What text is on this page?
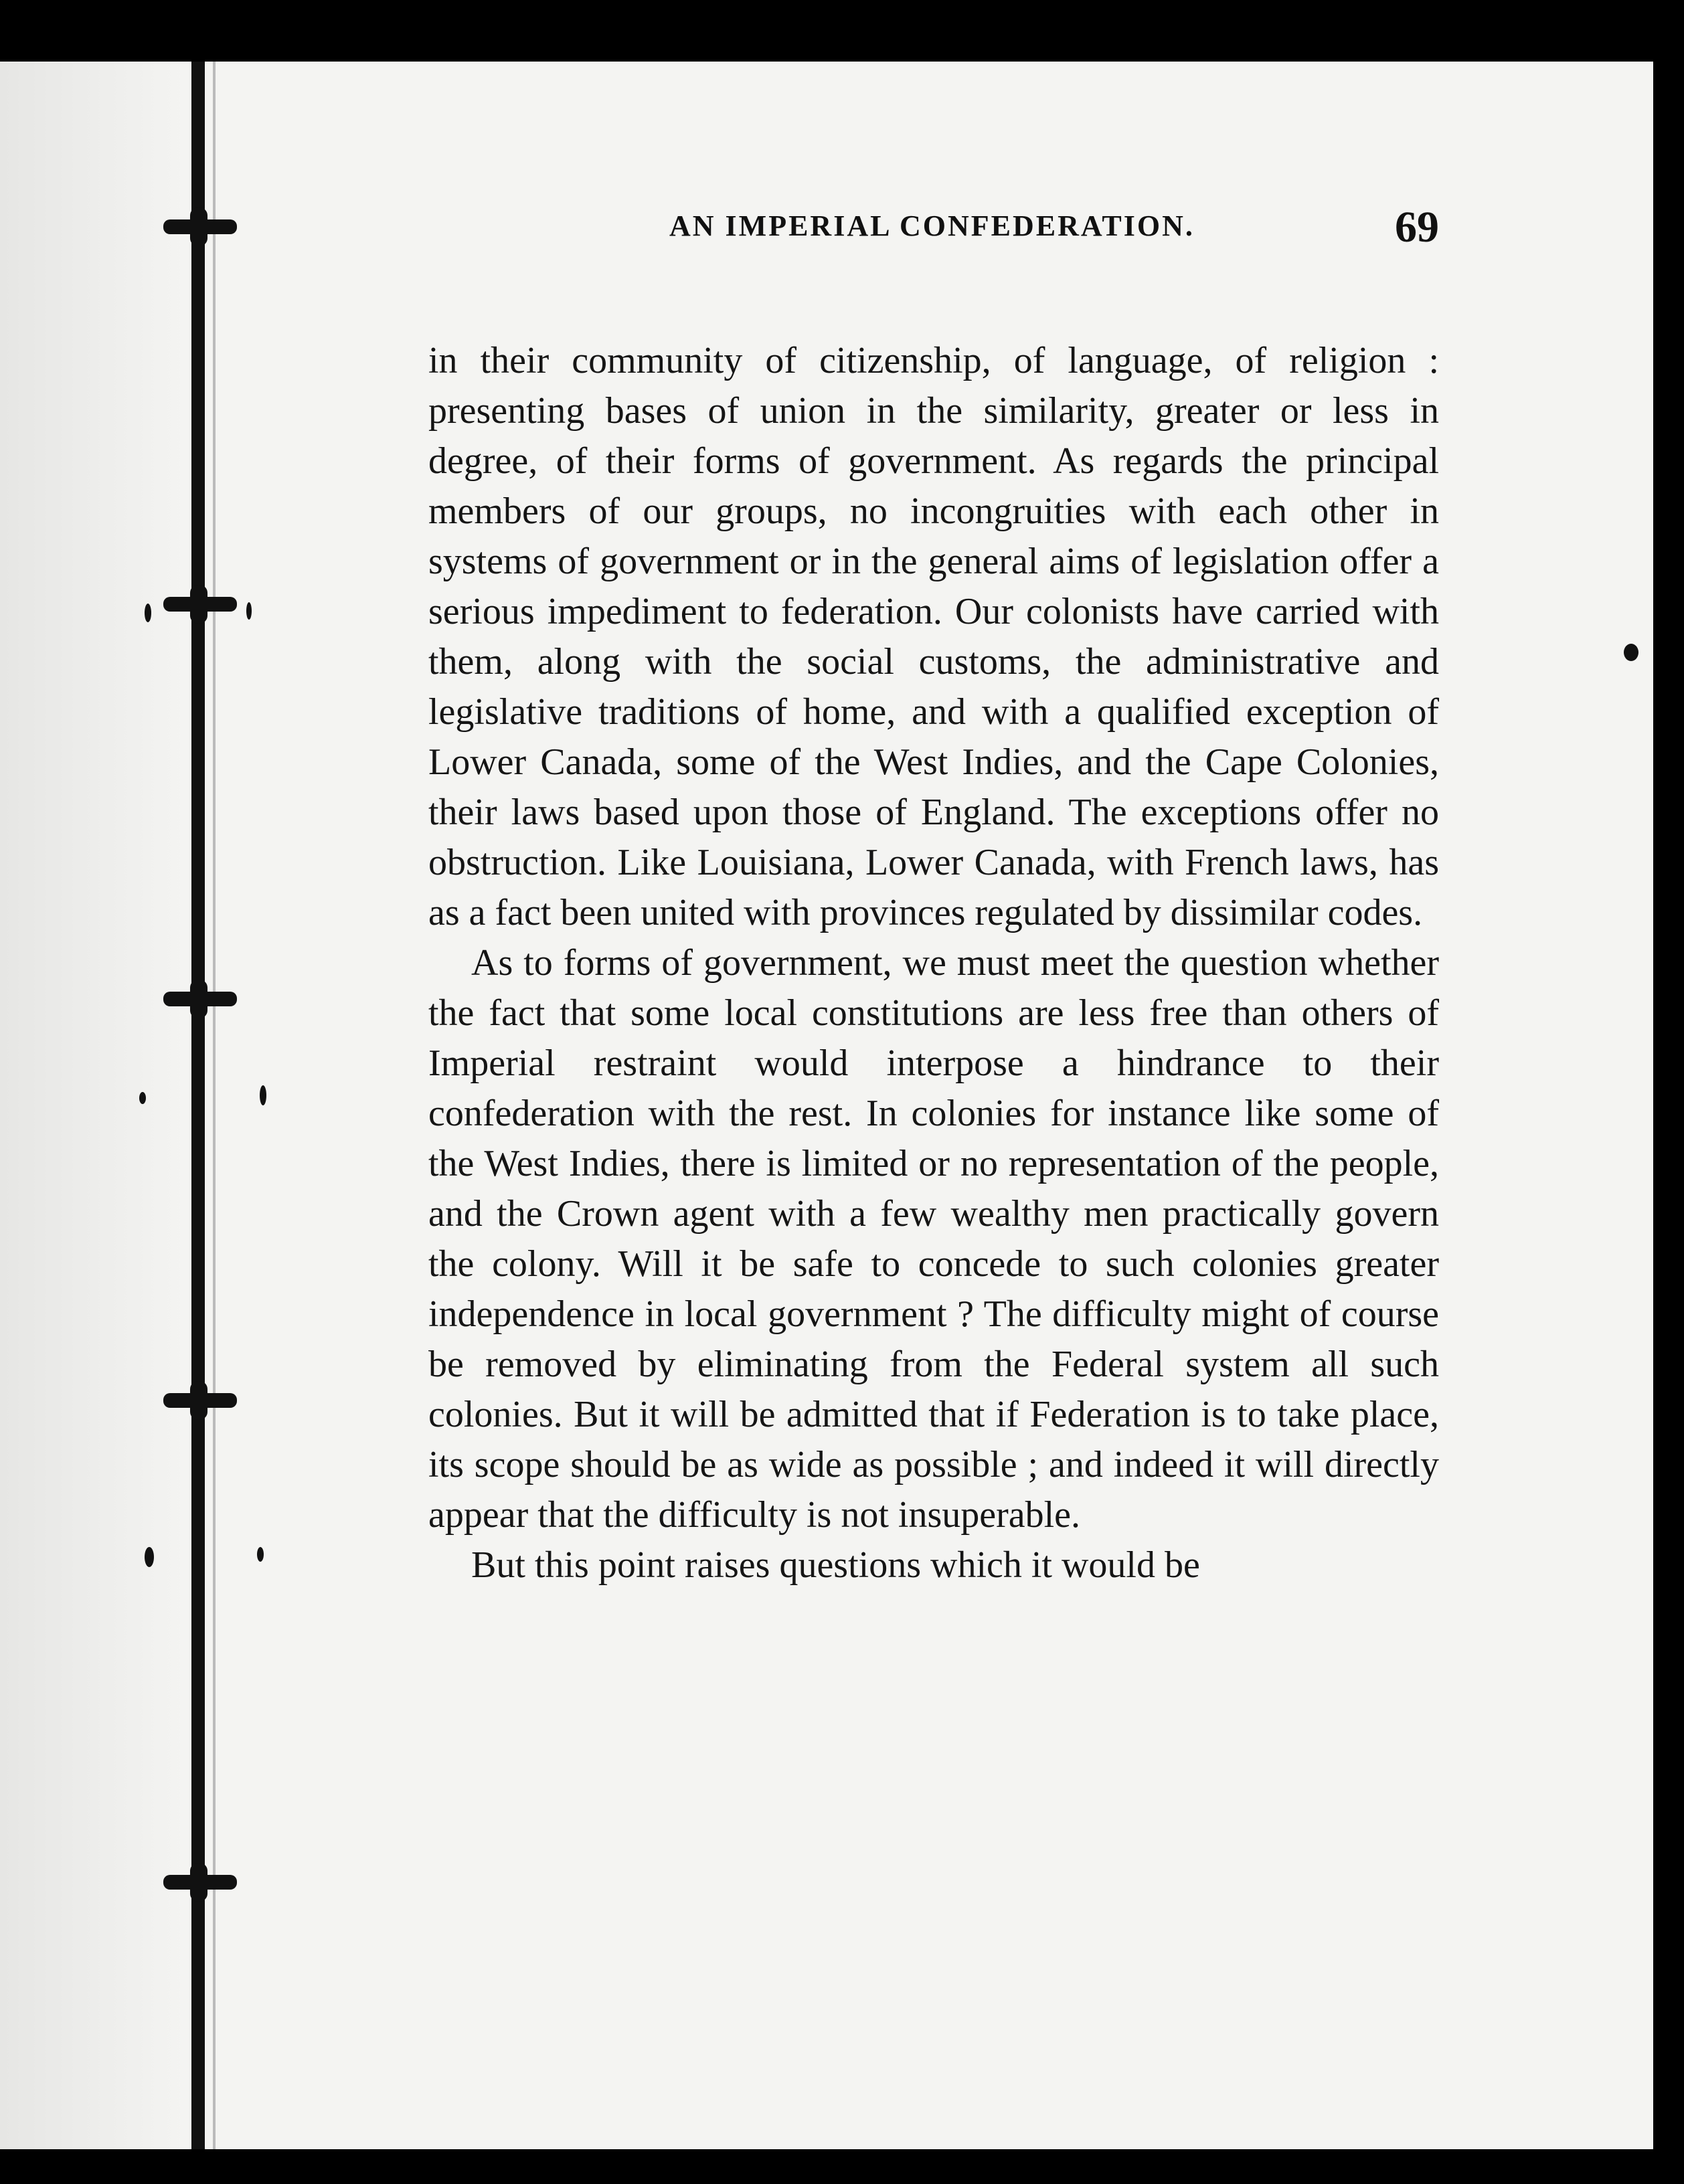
AN IMPERIAL CONFEDERATION.	69

in their community of citizenship, of language, of religion : presenting bases of union in the similarity, greater or less in degree, of their forms of government. As regards the principal members of our groups, no incongruities with each other in systems of government or in the general aims of legislation offer a serious impediment to federation. Our colonists have carried with them, along with the social customs, the administrative and legislative traditions of home, and with a qualified exception of Lower Canada, some of the West Indies, and the Cape Colonies, their laws based upon those of England. The exceptions offer no obstruction. Like Louisiana, Lower Canada, with French laws, has as a fact been united with provinces regulated by dissimilar codes.

As to forms of government, we must meet the question whether the fact that some local constitutions are less free than others of Imperial restraint would interpose a hindrance to their confederation with the rest. In colonies for instance like some of the West Indies, there is limited or no representation of the people, and the Crown agent with a few wealthy men practically govern the colony. Will it be safe to concede to such colonies greater independence in local government ? The difficulty might of course be removed by eliminating from the Federal system all such colonies. But it will be admitted that if Federation is to take place, its scope should be as wide as possible ; and indeed it will directly appear that the difficulty is not insuperable.

But this point raises questions which it would be
